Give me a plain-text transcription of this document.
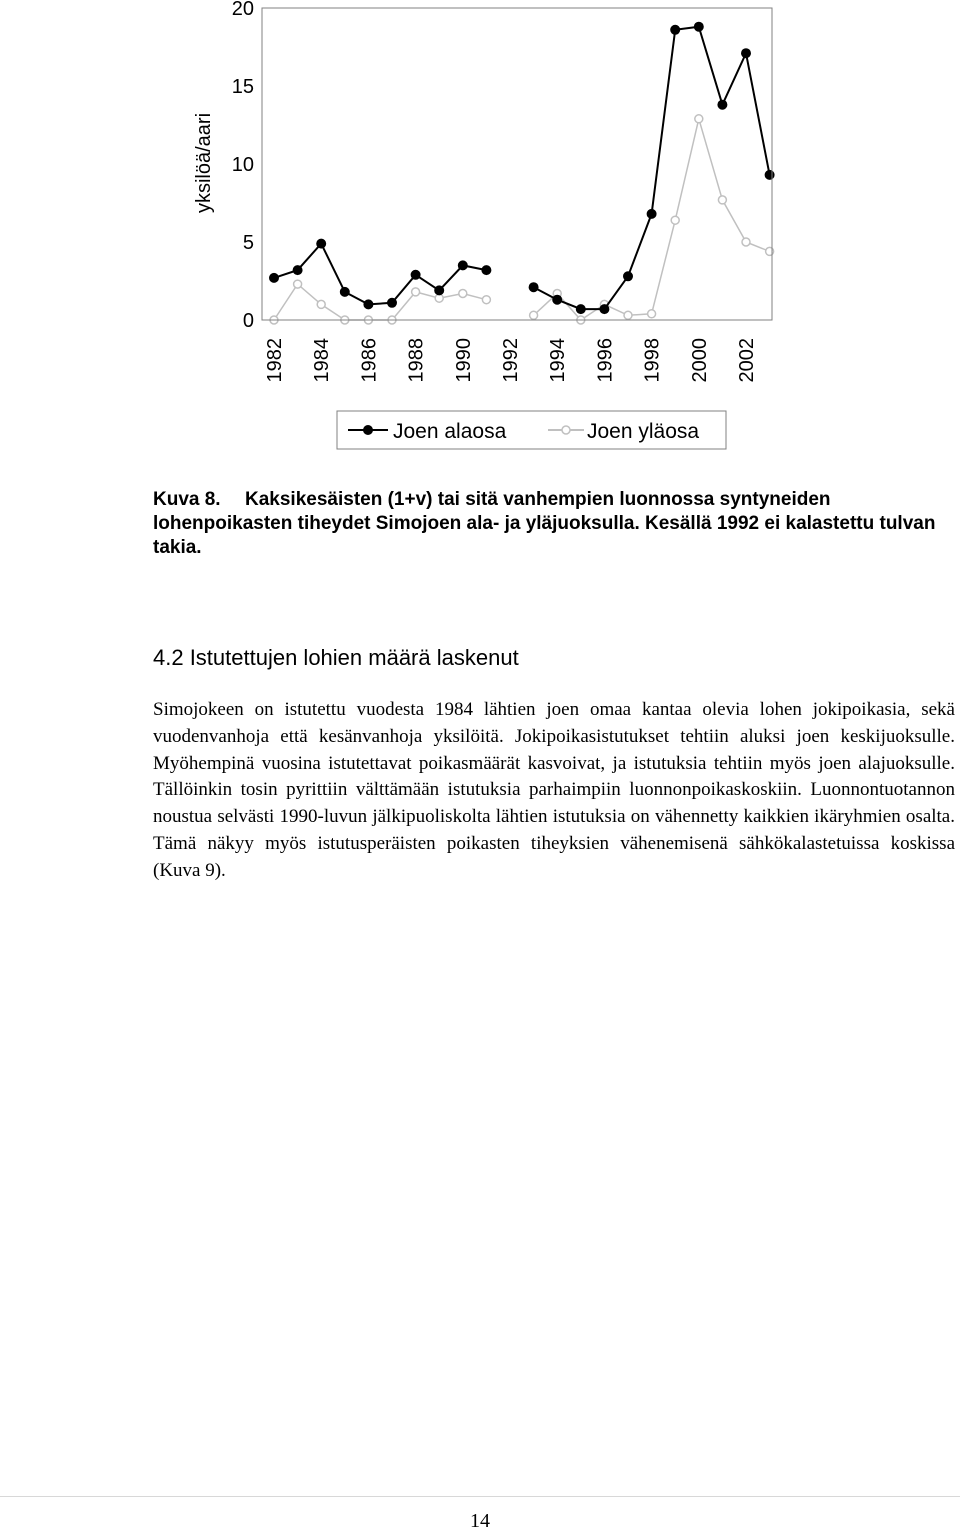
yksilöä/aari
0
5
10
15
20
1982 1984 1986 1988 1990 1992 1994 1996 1998 2000 2002
Joen alaosa	Joen yläosa

Kuva 8. Kaksikesäisten (1+v) tai sitä vanhempien luonnossa syntyneiden lohenpoikasten tiheydet Simojoen ala- ja yläjuoksulla. Kesällä 1992 ei kalastettu tulvan takia.

4.2 Istutettujen lohien määrä laskenut

Simojokeen on istutettu vuodesta 1984 lähtien joen omaa kantaa olevia lohen jokipoikasia, sekä vuodenvanhoja että kesänvanhoja yksilöitä. Jokipoikasistutukset tehtiin aluksi joen keskijuoksulle. Myöhempinä vuosina istutettavat poikasmäärät kasvoivat, ja istutuksia tehtiin myös joen alajuoksulle. Tällöinkin tosin pyrittiin välttämään istutuksia parhaimpiin luonnonpoikaskoskiin. Luonnontuotannon noustua selvästi 1990-luvun jälkipuoliskolta lähtien istutuksia on vähennetty kaikkien ikäryhmien osalta. Tämä näkyy myös istutusperäisten poikasten tiheyksien vähenemisenä sähkökalastetuissa koskissa (Kuva 9).

14
